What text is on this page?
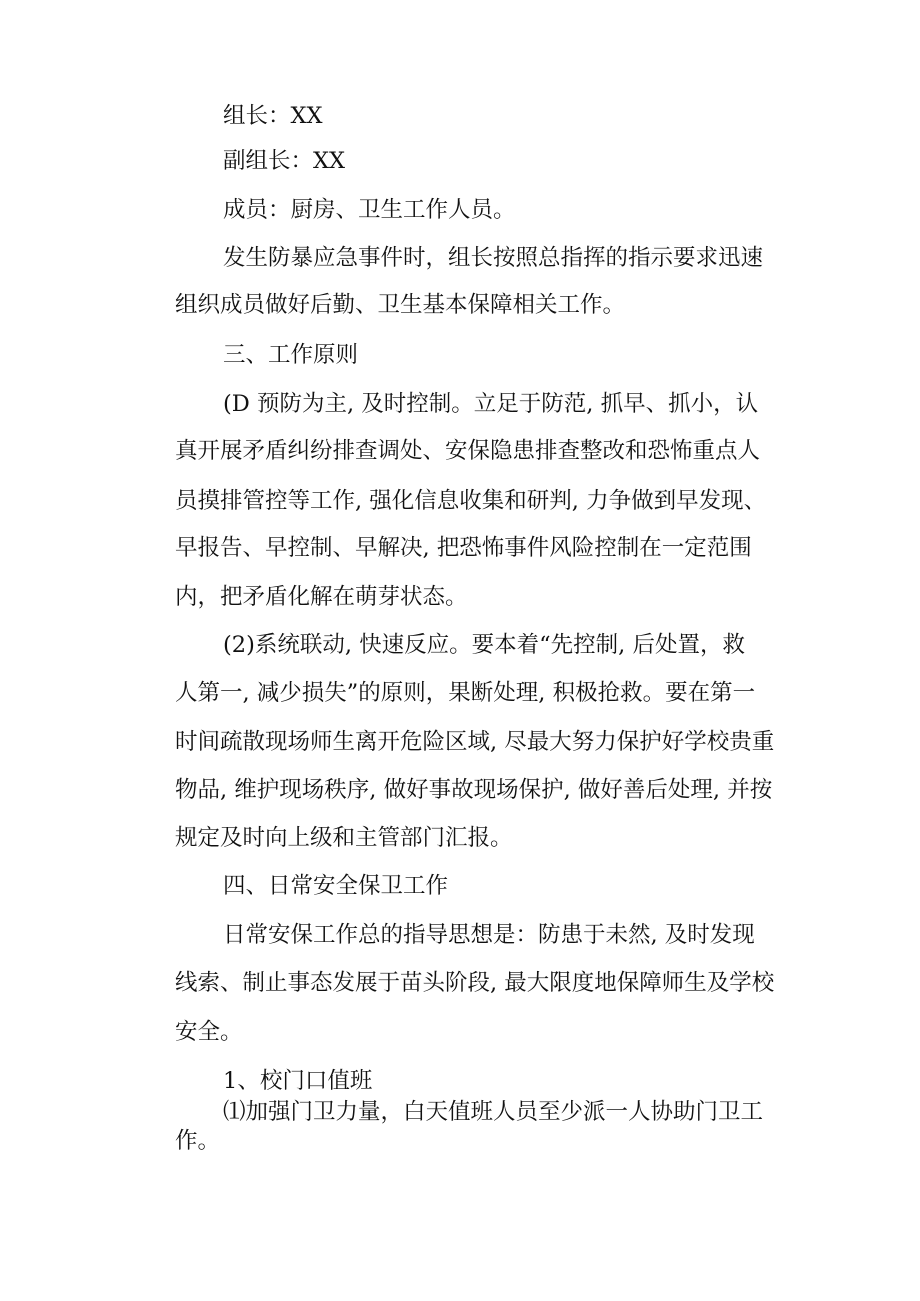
组长：XX
副组长：XX
成员：厨房、卫生工作人员。
发生防暴应急事件时，组长按照总指挥的指示要求迅速
组织成员做好后勤、卫生基本保障相关工作。
三、工作原则
(D 预防为主, 及时控制。立足于防范, 抓早、抓小，认
真开展矛盾纠纷排查调处、安保隐患排查整改和恐怖重点人
员摸排管控等工作, 强化信息收集和研判, 力争做到早发现、
早报告、早控制、早解决, 把恐怖事件风险控制在一定范围
内，把矛盾化解在萌芽状态。
(2)系统联动, 快速反应。要本着“先控制, 后处置，救
人第一, 减少损失”的原则，果断处理, 积极抢救。要在第一
时间疏散现场师生离开危险区域, 尽最大努力保护好学校贵重
物品, 维护现场秩序, 做好事故现场保护, 做好善后处理, 并按
规定及时向上级和主管部门汇报。
四、日常安全保卫工作
日常安保工作总的指导思想是：防患于未然, 及时发现
线索、制止事态发展于苗头阶段, 最大限度地保障师生及学校
安全。
1、校门口值班
⑴加强门卫力量，白天值班人员至少派一人协助门卫工
作。
